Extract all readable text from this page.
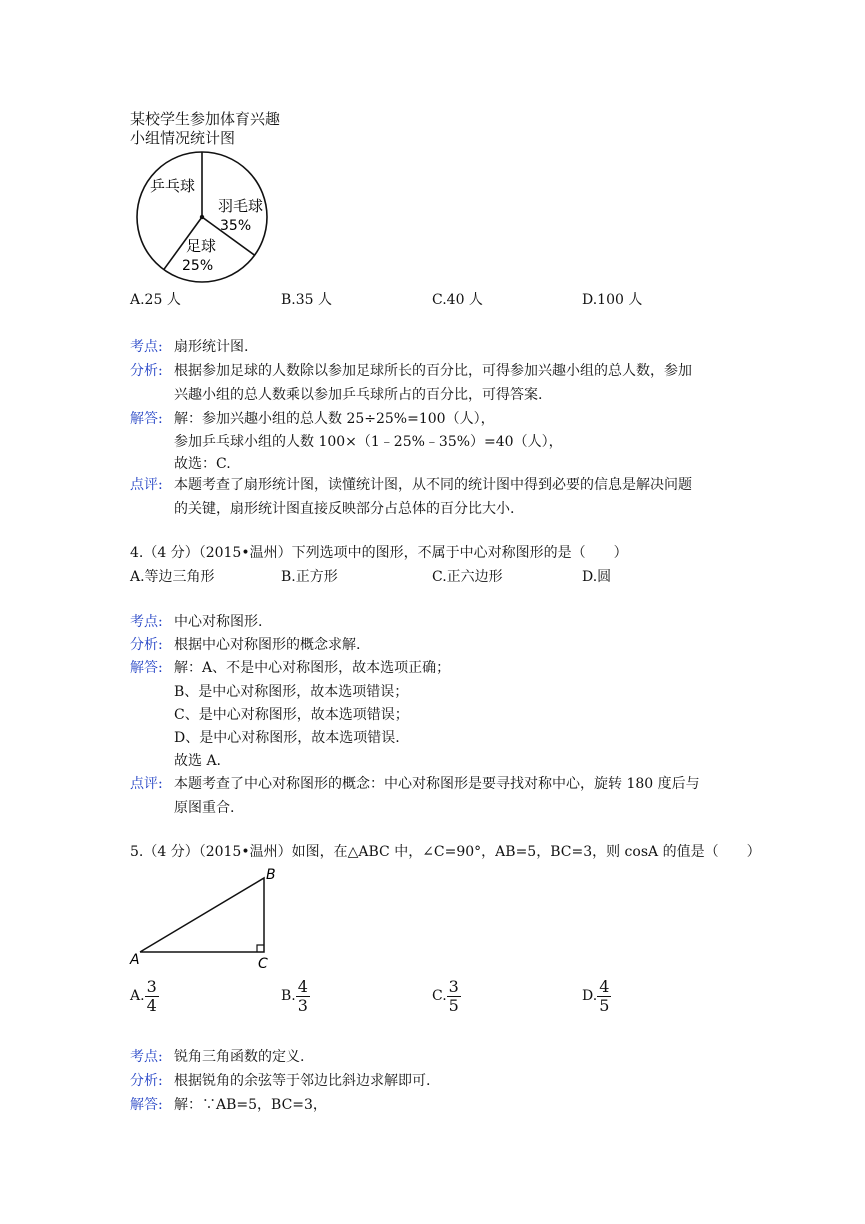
某校学生参加体育兴趣
小组情况统计图
乒乓球
羽毛球
35%
足球
25%
A.25 人	B.35 人	C.40 人	D.100 人
考点: 扇形统计图.
分析: 根据参加足球的人数除以参加足球所长的百分比，可得参加兴趣小组的总人数，参加
兴趣小组的总人数乘以参加乒乓球所占的百分比，可得答案.
解答: 解：参加兴趣小组的总人数 25÷25%=100（人），
参加乒乓球小组的人数 100×（1﹣25%﹣35%）=40（人），
故选：C.
点评: 本题考查了扇形统计图，读懂统计图，从不同的统计图中得到必要的信息是解决问题
的关键，扇形统计图直接反映部分占总体的百分比大小.
4.（4 分）（2015•温州）下列选项中的图形，不属于中心对称图形的是（　　）
A.等边三角形	B.正方形	C.正六边形	D.圆
考点: 中心对称图形.
分析: 根据中心对称图形的概念求解.
解答: 解：A、不是中心对称图形，故本选项正确；
B、是中心对称图形，故本选项错误；
C、是中心对称图形，故本选项错误；
D、是中心对称图形，故本选项错误.
故选 A.
点评: 本题考查了中心对称图形的概念：中心对称图形是要寻找对称中心，旋转 180 度后与
原图重合.
5.（4 分）（2015•温州）如图，在△ABC 中，∠C=90°，AB=5，BC=3，则 cosA 的值是（　　）
A
B
C
A. $\frac{3}{4}$	B. $\frac{4}{3}$	C. $\frac{3}{5}$	D. $\frac{4}{5}$
考点: 锐角三角函数的定义.
分析: 根据锐角的余弦等于邻边比斜边求解即可.
解答: 解：∵AB=5，BC=3，
